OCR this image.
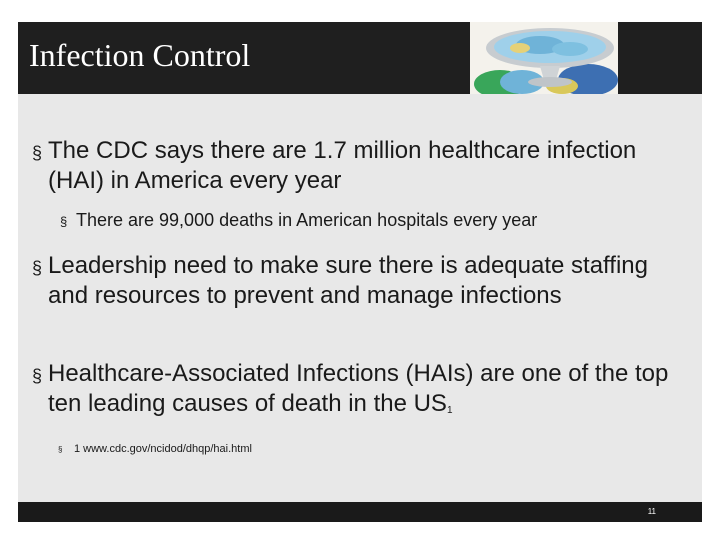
Infection Control
§ The CDC says there are 1.7 million healthcare infection (HAI) in America every year
§ There are 99,000 deaths in American hospitals every year
§ Leadership need to make sure there is adequate staffing and resources to prevent and manage infections
§ Healthcare-Associated Infections (HAIs) are one of the top ten leading causes of death in the $US_1$
§	1 www.cdc.gov/ncidod/dhqp/hai.html
11
